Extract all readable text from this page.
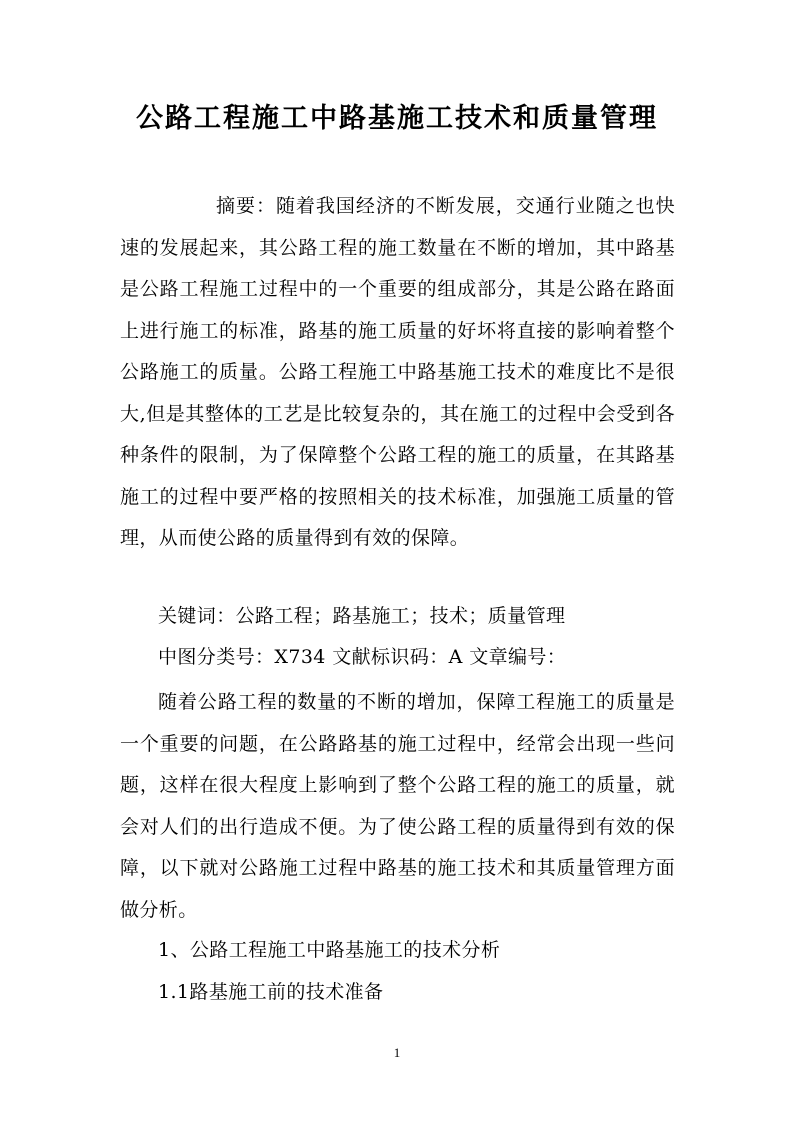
公路工程施工中路基施工技术和质量管理

摘要：随着我国经济的不断发展，交通行业随之也快速的发展起来，其公路工程的施工数量在不断的增加，其中路基是公路工程施工过程中的一个重要的组成部分，其是公路在路面上进行施工的标准，路基的施工质量的好坏将直接的影响着整个公路施工的质量。公路工程施工中路基施工技术的难度比不是很大,但是其整体的工艺是比较复杂的，其在施工的过程中会受到各种条件的限制，为了保障整个公路工程的施工的质量，在其路基施工的过程中要严格的按照相关的技术标准，加强施工质量的管理，从而使公路的质量得到有效的保障。

关键词：公路工程；路基施工；技术；质量管理
中图分类号：X734 文献标识码：A 文章编号：

随着公路工程的数量的不断的增加，保障工程施工的质量是一个重要的问题，在公路路基的施工过程中，经常会出现一些问题，这样在很大程度上影响到了整个公路工程的施工的质量，就会对人们的出行造成不便。为了使公路工程的质量得到有效的保障，以下就对公路施工过程中路基的施工技术和其质量管理方面做分析。

1、公路工程施工中路基施工的技术分析
1.1路基施工前的技术准备
1
